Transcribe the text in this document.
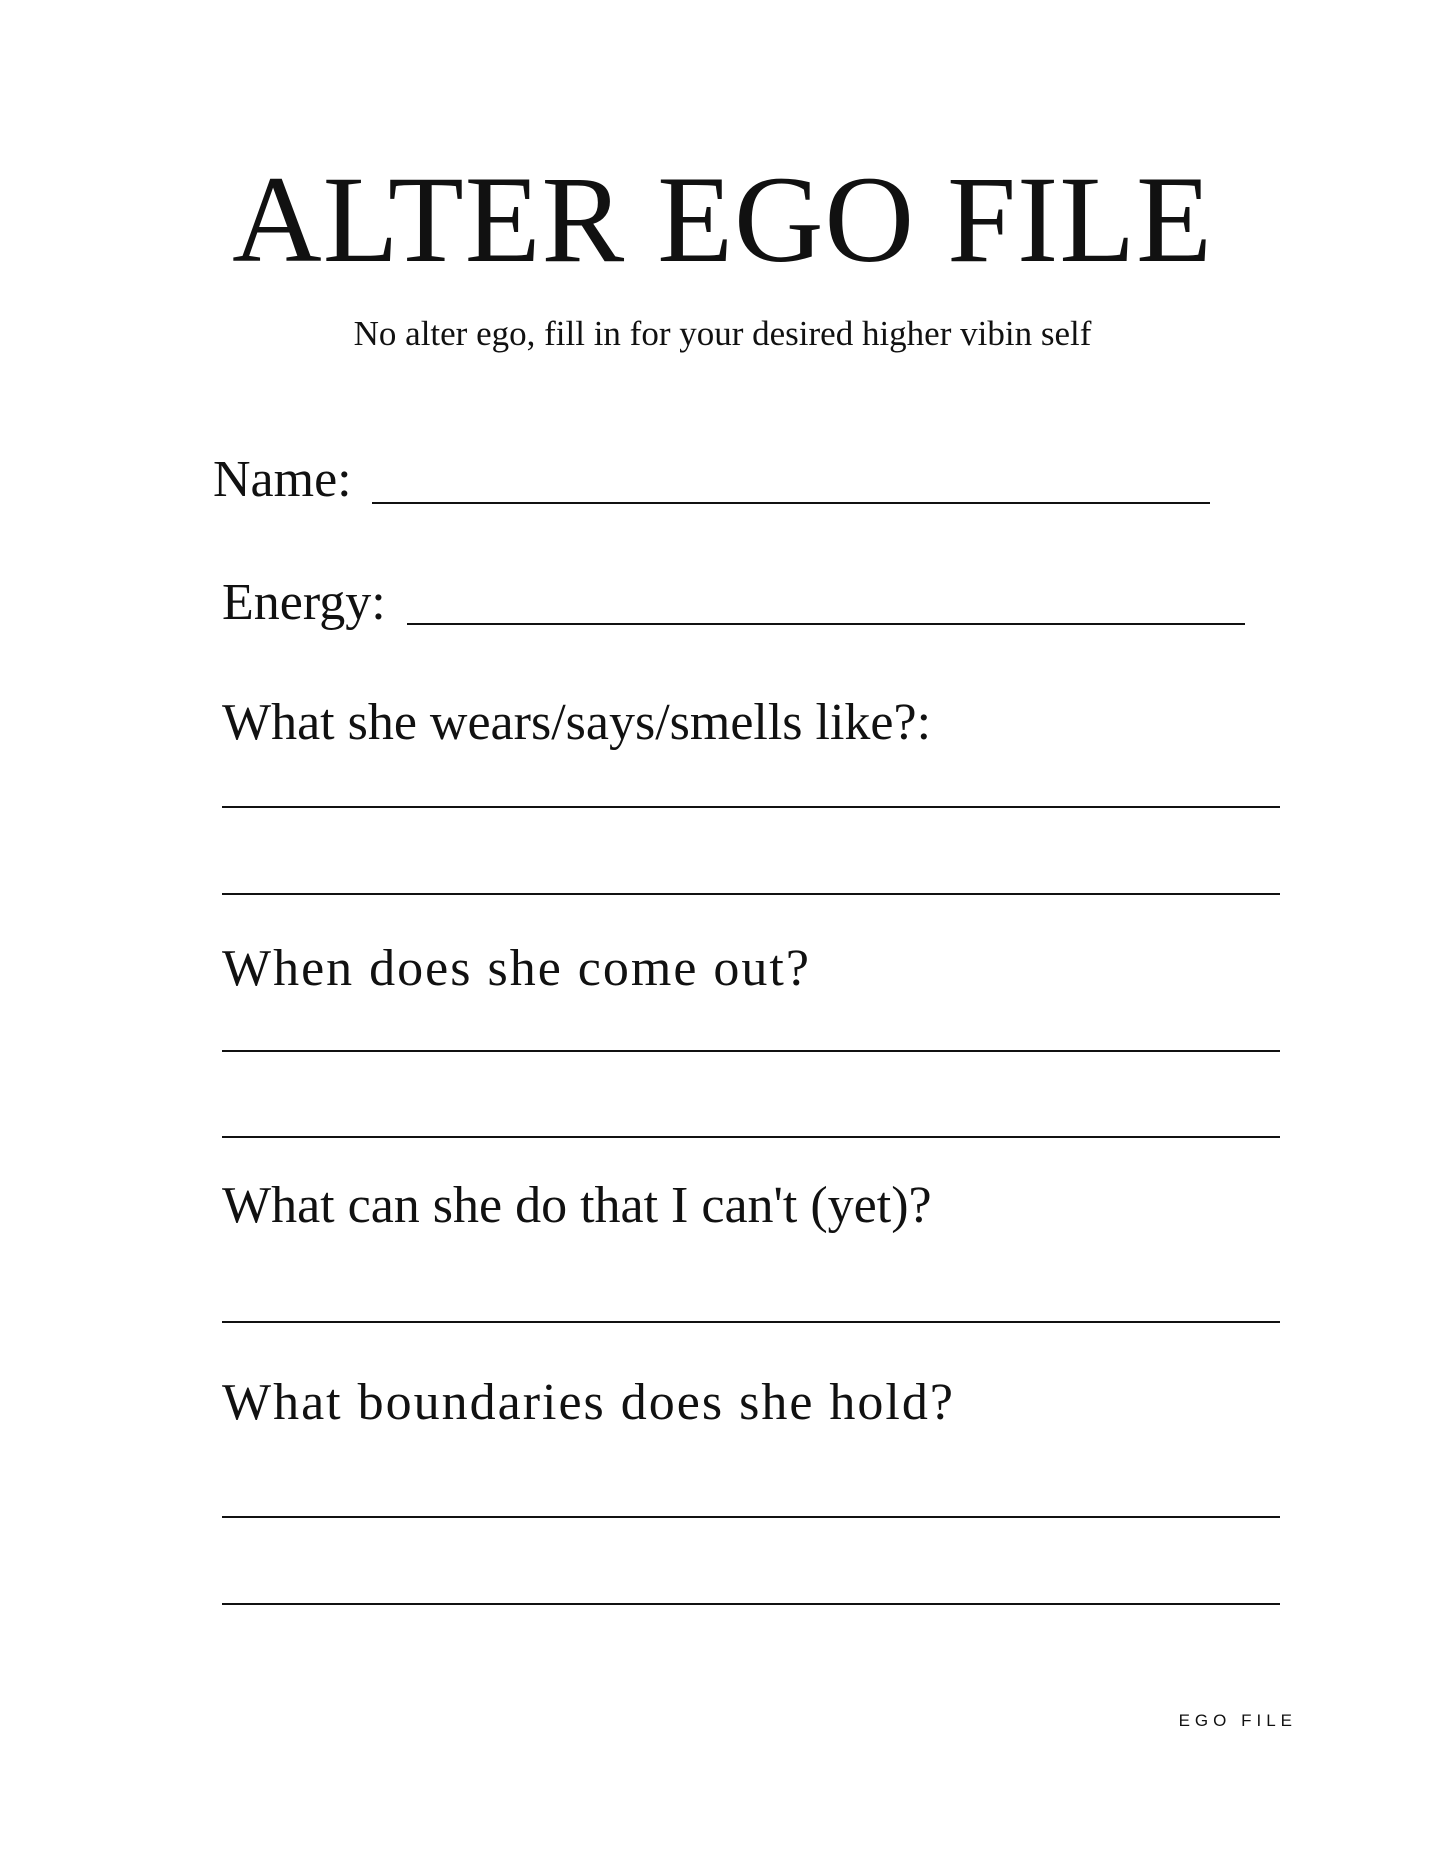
ALTER EGO FILE
No alter ego, fill in for your desired higher vibin self
Name:
Energy:
What she wears/says/smells like?:
When does she come out?
What can she do that I can't (yet)?
What boundaries does she hold?
EGO FILE
